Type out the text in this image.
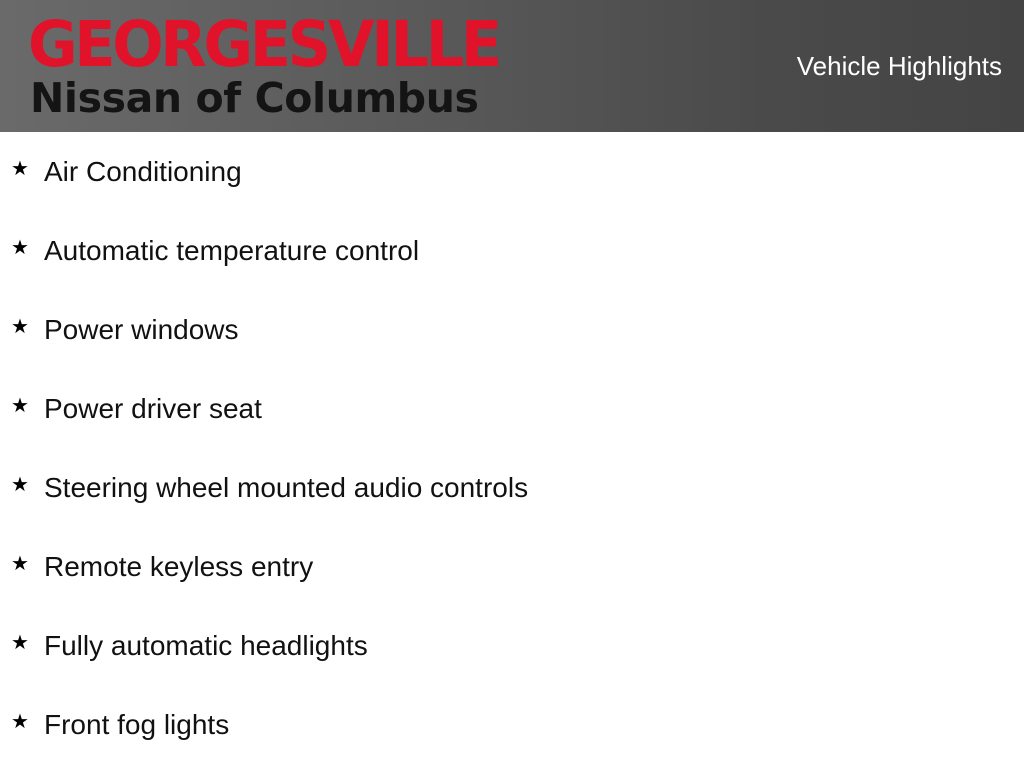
GEORGESVILLE
Nissan of Columbus
Vehicle Highlights
★ Air Conditioning
★ Automatic temperature control
★ Power windows
★ Power driver seat
★ Steering wheel mounted audio controls
★ Remote keyless entry
★ Fully automatic headlights
★ Front fog lights
